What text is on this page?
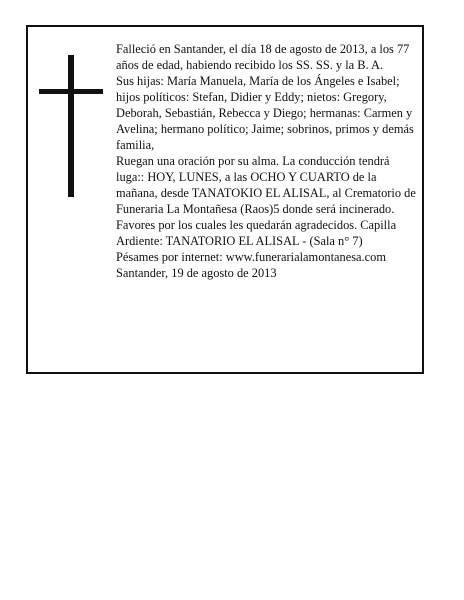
Falleció en Santander, el día 18 de agosto de 2013, a los 77 años de edad, habiendo recibido los SS. SS. y la B. A.

Sus hijas: María Manuela, María de los Ángeles e Isabel; hijos políticos: Stefan, Didier y Eddy; nietos: Gregory, Deborah, Sebastián, Rebecca y Diego; hermanas: Carmen y Avelina; hermano político; Jaime; sobrinos, primos y demás familia,

Ruegan una oración por su alma. La conducción tendrá luga:: HOY, LUNES, a las OCHO Y CUARTO de la mañana, desde TANATOKIO EL ALISAL, al Crematorio de Funeraria La Montañesa (Raos)5 donde será incinerado. Favores por los cuales les quedarán agradecidos. Capilla Ardiente: TANATORIO EL ALISAL - (Sala n° 7)

Pésames por internet: www.funerarialamontanesa.com

Santander, 19 de agosto de 2013
